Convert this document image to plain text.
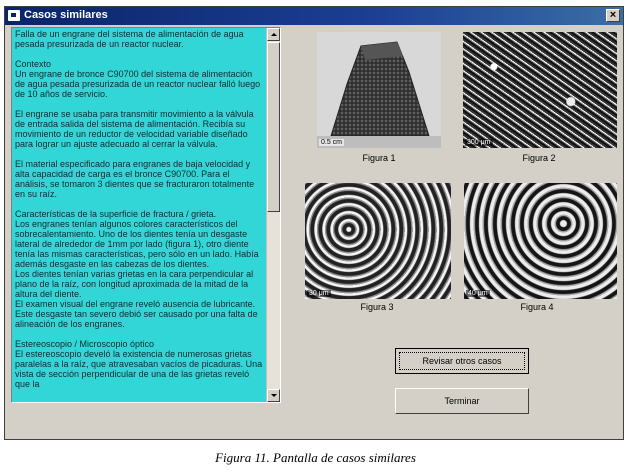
Casos similares	×

Falla de un engrane del sistema de alimentación de agua pesada presurizada de un reactor nuclear.

Contexto
Un engrane de bronce C90700 del sistema de alimentación de agua pesada presurizada de un reactor nuclear falló luego de 10 años de servicio.

El engrane se usaba para transmitir movimiento a la válvula de entrada salida del sistema de alimentación. Recibía su movimiento de un reductor de velocidad variable diseñado para lograr un ajuste adecuado al cerrar la válvula.

El material especificado para engranes de baja velocidad y alta capacidad de carga es el bronce C90700. Para el análisis, se tomaron 3 dientes que se fracturaron totalmente en su raíz.

Características de la superficie de fractura / grieta.
Los engranes tenían algunos colores característicos del sobrecalentamiento. Uno de los dientes tenía un desgaste lateral de alrededor de 1mm por lado (figura 1), otro diente tenía las mismas características, pero sólo en un lado. Había además desgaste en las cabezas de los dientes.
Los dientes tenían varias grietas en la cara perpendicular al plano de la raíz, con longitud aproximada de la mitad de la altura del diente.
El examen visual del engrane reveló ausencia de lubricante. Este desgaste tan severo debió ser causado por una falta de alineación de los engranes.

Estereoscopio / Microscopio óptico
El estereoscopio develó la existencia de numerosas grietas paralelas a la raíz, que atravesaban vacíos de picaduras. Una vista de sección perpendicular de una de las grietas reveló que la

0.5 cm
Figura 1
300 μm
Figura 2
30 μm
Figura 3
40 μm
Figura 4
Revisar otros casos
Terminar
Figura 11. Pantalla de casos similares
